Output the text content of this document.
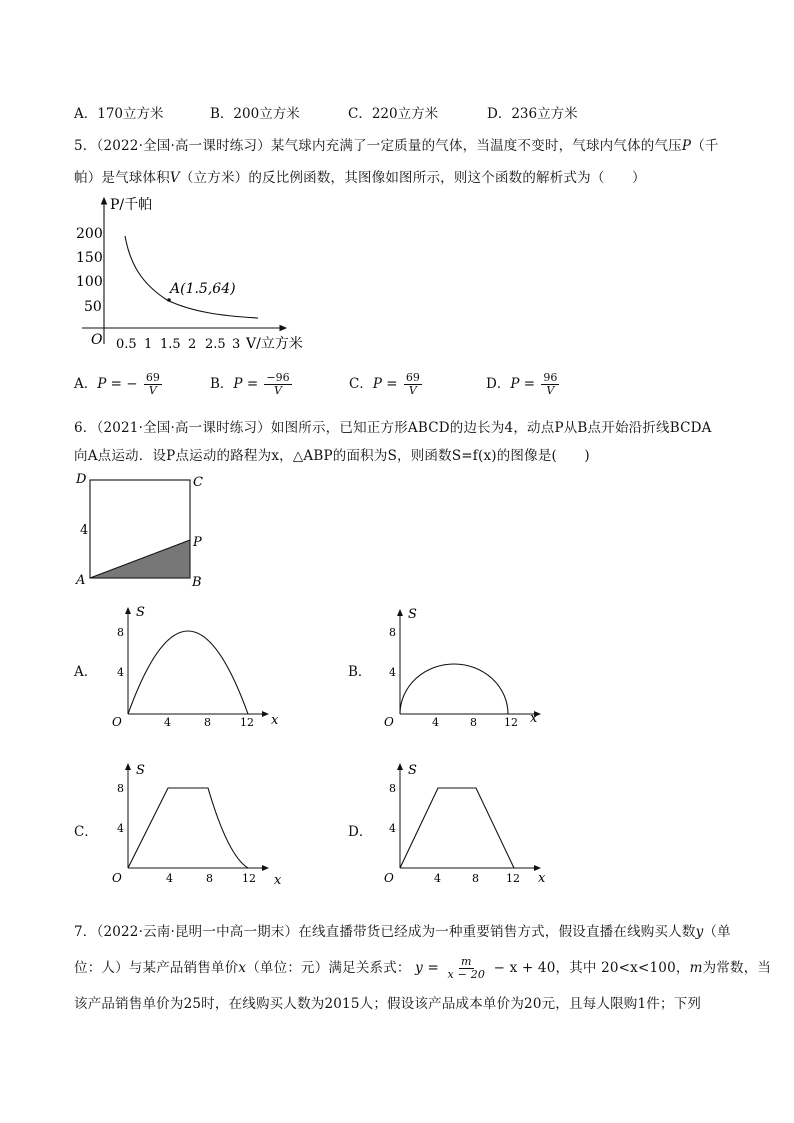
A．170立方米	B．200立方米	C．220立方米	D．236立方米
5．（2022·全国·高一课时练习）某气球内充满了一定质量的气体，当温度不变时，气球内气体的气压P（千
帕）是气球体积V（立方米）的反比例函数，其图像如图所示，则这个函数的解析式为（　　）
P/千帕
V/立方米
O
200
150
100
50
0.5 1 1.5 2 2.5 3
A(1.5,64)
A．P = − $\frac{69}{V}$	B．$P = \frac{-96}{V}$	C．$P = \frac{69}{V}$	D．$P = \frac{96}{V}$
6．（2021·全国·高一课时练习）如图所示，已知正方形ABCD的边长为4，动点P从B点开始沿折线BCDA
向A点运动．设P点运动的路程为x，△ABP的面积为S，则函数S=f(x)的图像是(　　)
D	C
A	B
P
4
A．
S
x
O
8
4
4	8	12
B．
S
x
O
8
4
4	8 12
C．
S
x
O
8
4
4	8	12
D．
S
x
O
8
4
4	8 12
7．（2022·云南·昆明一中高一期末）在线直播带货已经成为一种重要销售方式，假设直播在线购买人数y（单
位：人）与某产品销售单价x（单位：元）满足关系式： $y = \frac{m}{x - 20} - x + 40$，其中 20<x<100，m为常数，当
该产品销售单价为25时，在线购买人数为2015人；假设该产品成本单价为20元，且每人限购1件；下列
